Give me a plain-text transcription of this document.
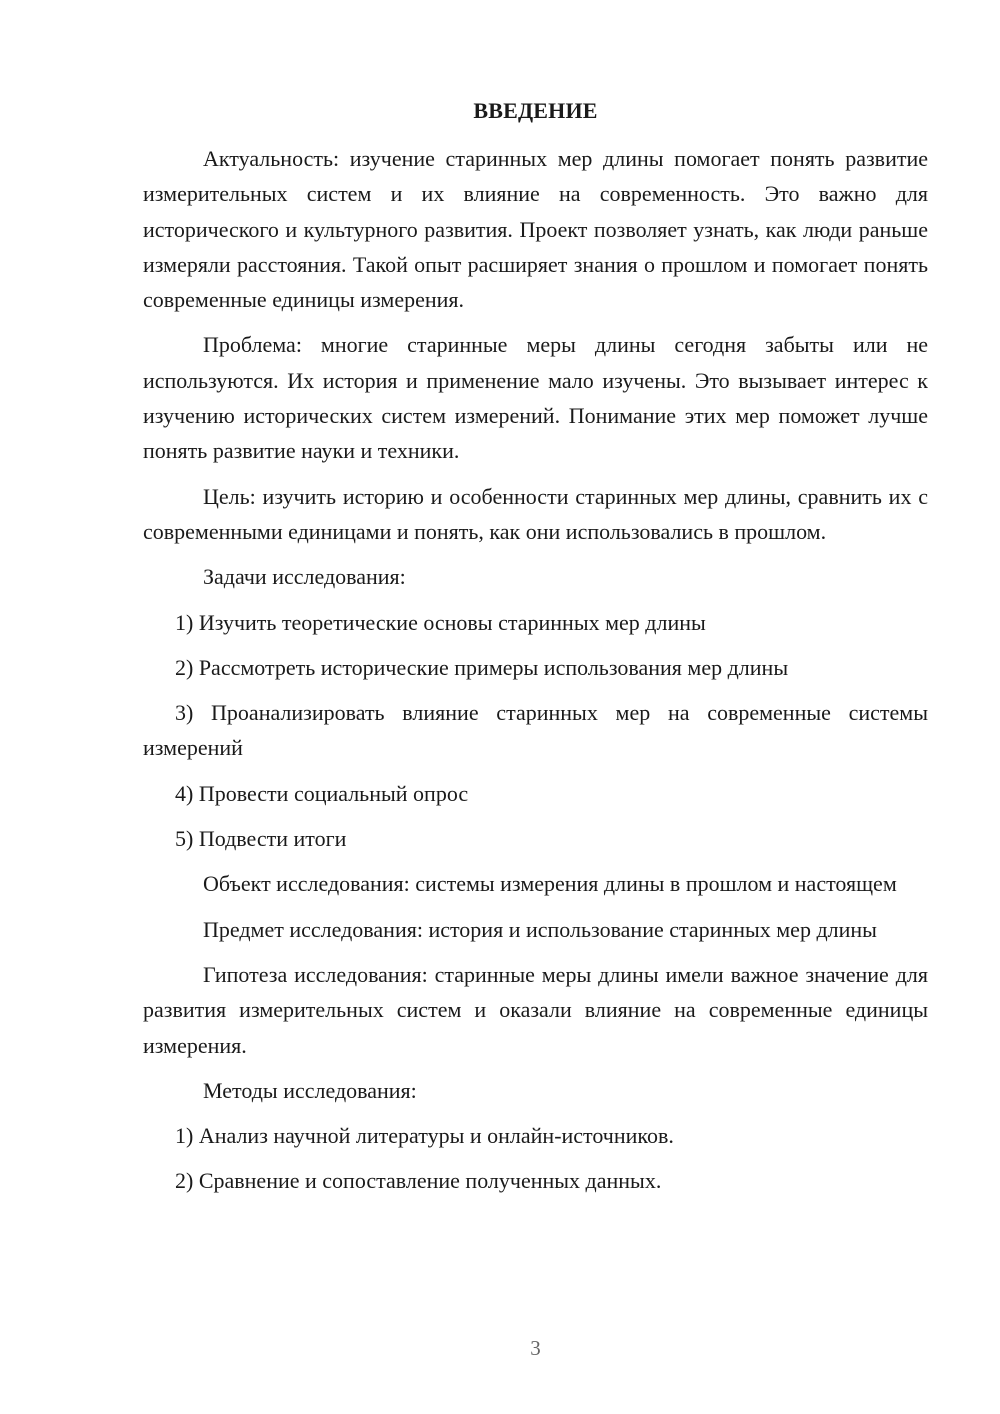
ВВЕДЕНИЕ

Актуальность: изучение старинных мер длины помогает понять развитие измерительных систем и их влияние на современность. Это важно для исторического и культурного развития. Проект позволяет узнать, как люди раньше измеряли расстояния. Такой опыт расширяет знания о прошлом и помогает понять современные единицы измерения.

Проблема: многие старинные меры длины сегодня забыты или не используются. Их история и применение мало изучены. Это вызывает интерес к изучению исторических систем измерений. Понимание этих мер поможет лучше понять развитие науки и техники.

Цель: изучить историю и особенности старинных мер длины, сравнить их с современными единицами и понять, как они использовались в прошлом.

Задачи исследования:

1) Изучить теоретические основы старинных мер длины

2) Рассмотреть исторические примеры использования мер длины

3) Проанализировать влияние старинных мер на современные системы измерений

4) Провести социальный опрос

5) Подвести итоги

Объект исследования: системы измерения длины в прошлом и настоящем

Предмет исследования: история и использование старинных мер длины

Гипотеза исследования: старинные меры длины имели важное значение для развития измерительных систем и оказали влияние на современные единицы измерения.

Методы исследования:

1) Анализ научной литературы и онлайн-источников.

2) Сравнение и сопоставление полученных данных.

3
